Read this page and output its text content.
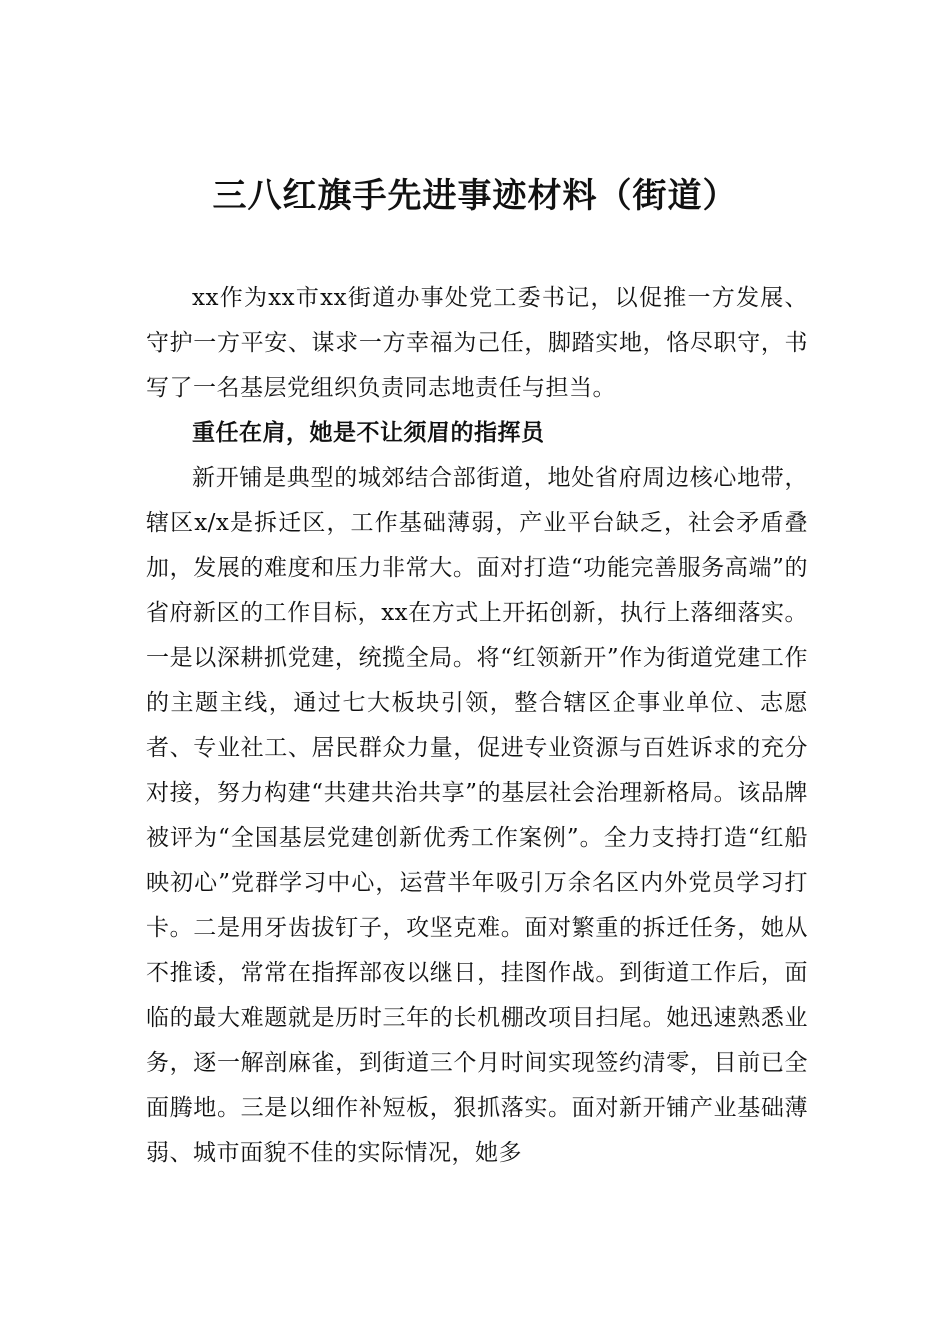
三八红旗手先进事迹材料（街道）

xx作为xx市xx街道办事处党工委书记，以促推一方发展、守护一方平安、谋求一方幸福为己任，脚踏实地，恪尽职守，书写了一名基层党组织负责同志地责任与担当。

重任在肩，她是不让须眉的指挥员

新开铺是典型的城郊结合部街道，地处省府周边核心地带，辖区x/x是拆迁区，工作基础薄弱，产业平台缺乏，社会矛盾叠加，发展的难度和压力非常大。面对打造“功能完善服务高端”的省府新区的工作目标，xx在方式上开拓创新，执行上落细落实。一是以深耕抓党建，统揽全局。将“红领新开”作为街道党建工作的主题主线，通过七大板块引领，整合辖区企事业单位、志愿者、专业社工、居民群众力量，促进专业资源与百姓诉求的充分对接，努力构建“共建共治共享”的基层社会治理新格局。该品牌被评为“全国基层党建创新优秀工作案例”。全力支持打造“红船映初心”党群学习中心，运营半年吸引万余名区内外党员学习打卡。二是用牙齿拔钉子，攻坚克难。面对繁重的拆迁任务，她从不推诿，常常在指挥部夜以继日，挂图作战。到街道工作后，面临的最大难题就是历时三年的长机棚改项目扫尾。她迅速熟悉业务，逐一解剖麻雀，到街道三个月时间实现签约清零，目前已全面腾地。三是以细作补短板，狠抓落实。面对新开铺产业基础薄弱、城市面貌不佳的实际情况，她多
